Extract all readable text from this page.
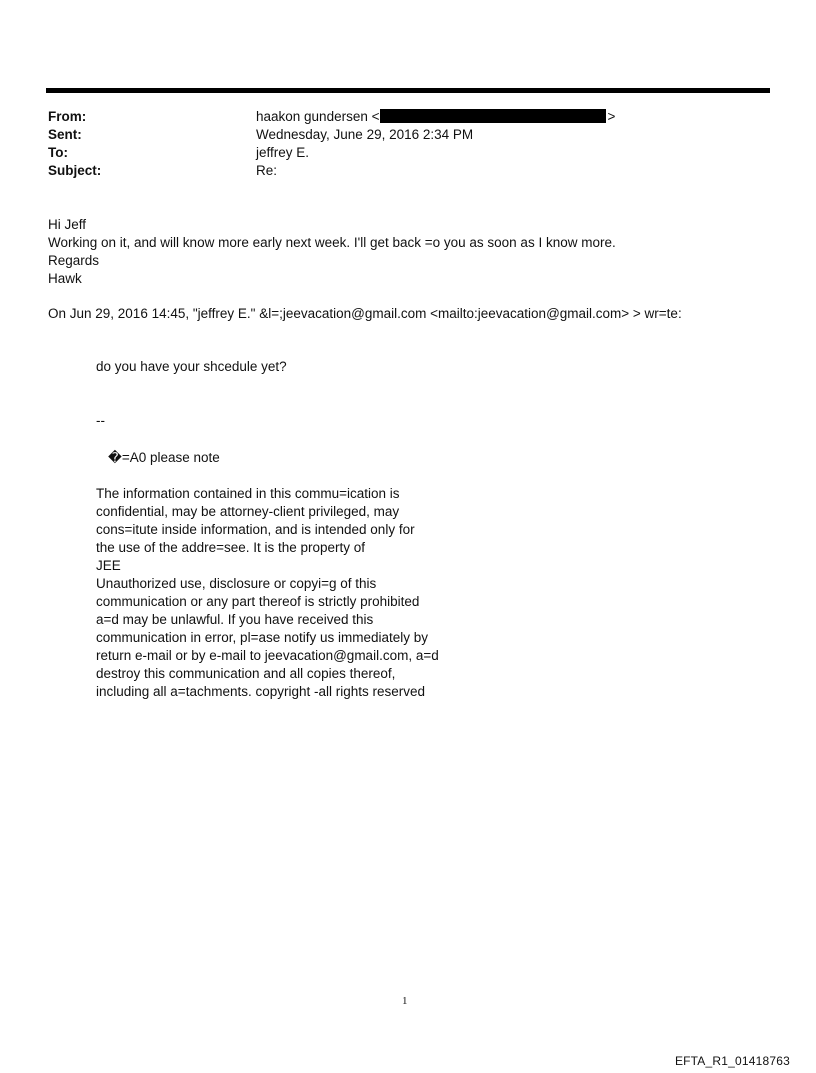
From:	haakon gundersen <	>
Sent:	Wednesday, June 29, 2016 2:34 PM
To:	jeffrey E.
Subject:	Re:
Hi Jeff
Working on it, and will know more early next week. I'll get back =o you as soon as I know more.
Regards
Hawk
On Jun 29, 2016 14:45, "jeffrey E." &l=;jeevacation@gmail.com <mailto:jeevacation@gmail.com> > wr=te:
do you have your shcedule yet?
--
�=A0 please note
The information contained in this commu=ication is
confidential, may be attorney-client privileged, may
cons=itute inside information, and is intended only for
the use of the addre=see. It is the property of
JEE
Unauthorized use, disclosure or copyi=g of this
communication or any part thereof is strictly prohibited
a=d may be unlawful. If you have received this
communication in error, pl=ase notify us immediately by
return e-mail or by e-mail to jeevacation@gmail.com, a=d
destroy this communication and all copies thereof,
including all a=tachments. copyright -all rights reserved
1
EFTA_R1_01418763
